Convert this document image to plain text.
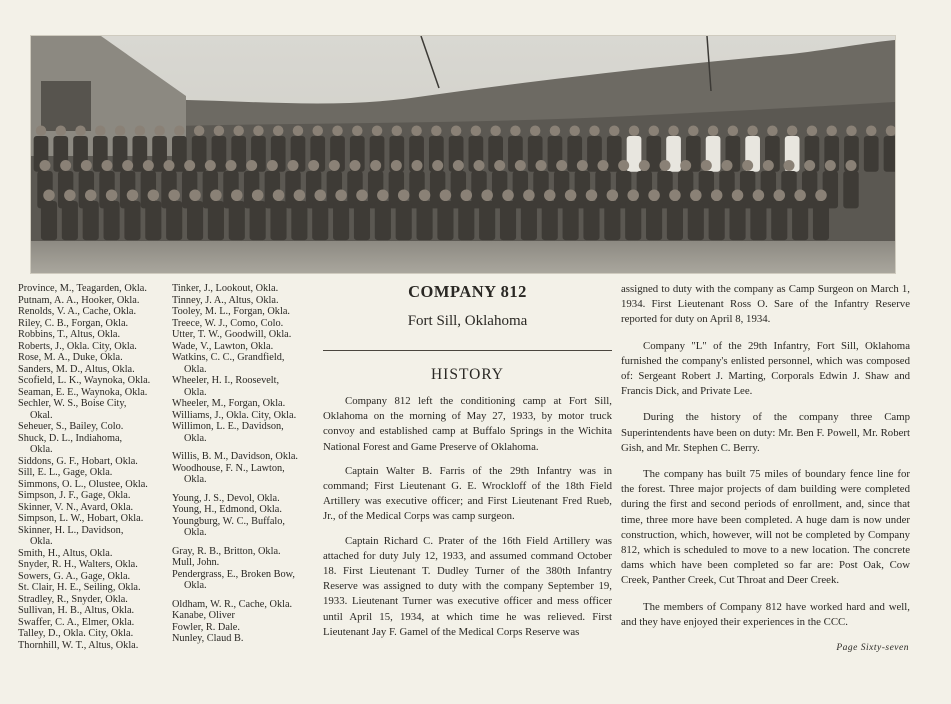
Province, M., Teagarden, Okla.
Putnam, A. A., Hooker, Okla.
Renolds, V. A., Cache, Okla.
Riley, C. B., Forgan, Okla.
Robbins, T., Altus, Okla.
Roberts, J., Okla. City, Okla.
Rose, M. A., Duke, Okla.
Sanders, M. D., Altus, Okla.
Scofield, L. K., Waynoka, Okla.
Seaman, E. E., Waynoka, Okla.
Sechler, W. S., Boise City,
Okal.
Seheuer, S., Bailey, Colo.
Shuck, D. L., Indiahoma,
Okla.
Siddons, G. F., Hobart, Okla.
Sill, E. L., Gage, Okla.
Simmons, O. L., Olustee, Okla.
Simpson, J. F., Gage, Okla.
Skinner, V. N., Avard, Okla.
Simpson, L. W., Hobart, Okla.
Skinner, H. L., Davidson,
Okla.
Smith, H., Altus, Okla.
Snyder, R. H., Walters, Okla.
Sowers, G. A., Gage, Okla.
St. Clair, H. E., Seiling, Okla.
Stradley, R., Snyder, Okla.
Sullivan, H. B., Altus, Okla.
Swaffer, C. A., Elmer, Okla.
Talley, D., Okla. City, Okla.
Thornhill, W. T., Altus, Okla.
Tinker, J., Lookout, Okla.
Tinney, J. A., Altus, Okla.
Tooley, M. L., Forgan, Okla.
Treece, W. J., Como, Colo.
Utter, T. W., Goodwill, Okla.
Wade, V., Lawton, Okla.
Watkins, C. C., Grandfield,
Okla.
Wheeler, H. I., Roosevelt,
Okla.
Wheeler, M., Forgan, Okla.
Williams, J., Okla. City, Okla.
Willimon, L. E., Davidson,
Okla.
Willis, B. M., Davidson, Okla.
Woodhouse, F. N., Lawton,
Okla.
Young, J. S., Devol, Okla.
Young, H., Edmond, Okla.
Youngburg, W. C., Buffalo,
Okla.
Gray, R. B., Britton, Okla.
Mull, John.
Pendergrass, E., Broken Bow,
Okla.
Oldham, W. R., Cache, Okla.
Kanabe, Oliver
Fowler, R. Dale.
Nunley, Claud B.
COMPANY 812
Fort Sill, Oklahoma
HISTORY

Company 812 left the conditioning camp at Fort Sill, Oklahoma on the morning of May 27, 1933, by motor truck convoy and established camp at Buffalo Springs in the Wichita National Forest and Game Preserve of Oklahoma.

Captain Walter B. Farris of the 29th Infantry was in command; First Lieutenant G. E. Wrockloff of the 18th Field Artillery was executive officer; and First Lieutenant Fred Rueb, Jr., of the Medical Corps was camp surgeon.

Captain Richard C. Prater of the 16th Field Artillery was attached for duty July 12, 1933, and assumed command October 18. First Lieutenant T. Dudley Turner of the 380th Infantry Reserve was assigned to duty with the company September 19, 1933. Lieutenant Turner was executive officer and mess officer until April 15, 1934, at which time he was relieved. First Lieutenant Jay F. Gamel of the Medical Corps Reserve was

assigned to duty with the company as Camp Surgeon on March 1, 1934. First Lieutenant Ross O. Sare of the Infantry Reserve reported for duty on April 8, 1934.

Company "L" of the 29th Infantry, Fort Sill, Oklahoma furnished the company's enlisted personnel, which was composed of: Sergeant Robert J. Marting, Corporals Edwin J. Shaw and Francis Dick, and Private Lee.

During the history of the company three Camp Superintendents have been on duty: Mr. Ben F. Powell, Mr. Robert Gish, and Mr. Stephen C. Berry.

The company has built 75 miles of boundary fence line for the forest. Three major projects of dam building were completed during the first and second periods of enrollment, and, since that time, three more have been completed. A huge dam is now under construction, which, however, will not be completed by Company 812, which is scheduled to move to a new location. The concrete dams which have been completed so far are: Post Oak, Cow Creek, Panther Creek, Cut Throat and Deer Creek.

The members of Company 812 have worked hard and well, and they have enjoyed their experiences in the CCC.

Page Sixty-seven
